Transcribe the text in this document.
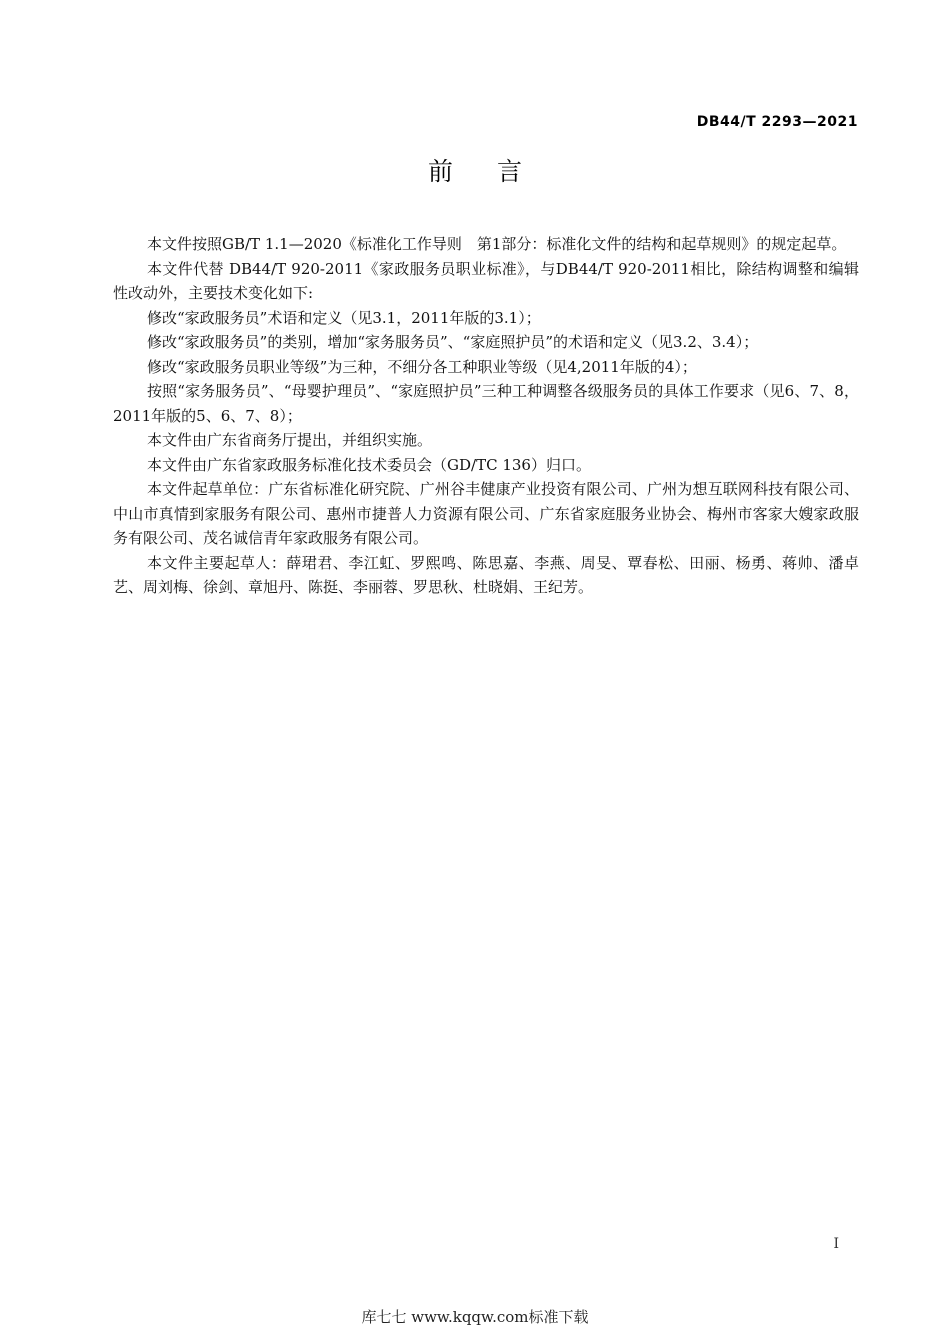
DB44/T 2293—2021
前言

本文件按照GB/T 1.1—2020《标准化工作导则　第1部分：标准化文件的结构和起草规则》的规定起草。

本文件代替 DB44/T 920-2011《家政服务员职业标准》，与DB44/T 920-2011相比，除结构调整和编辑性改动外，主要技术变化如下:

修改“家政服务员”术语和定义（见3.1，2011年版的3.1）；

修改“家政服务员”的类别，增加“家务服务员”、“家庭照护员”的术语和定义（见3.2、3.4）；

修改“家政服务员职业等级”为三种，不细分各工种职业等级（见4,2011年版的4）；

按照“家务服务员”、“母婴护理员”、“家庭照护员”三种工种调整各级服务员的具体工作要求（见6、7、8，2011年版的5、6、7、8）；

本文件由广东省商务厅提出，并组织实施。

本文件由广东省家政服务标准化技术委员会（GD/TC 136）归口。

本文件起草单位：广东省标准化研究院、广州谷丰健康产业投资有限公司、广州为想互联网科技有限公司、中山市真情到家服务有限公司、惠州市捷普人力资源有限公司、广东省家庭服务业协会、梅州市客家大嫂家政服务有限公司、茂名诚信青年家政服务有限公司。

本文件主要起草人：薛珺君、李江虹、罗熙鸣、陈思嘉、李燕、周旻、覃春松、田丽、杨勇、蒋帅、潘卓艺、周刘梅、徐剑、章旭丹、陈挺、李丽蓉、罗思秋、杜晓娟、王纪芳。

I
库七七 www.kqqw.com标准下载
